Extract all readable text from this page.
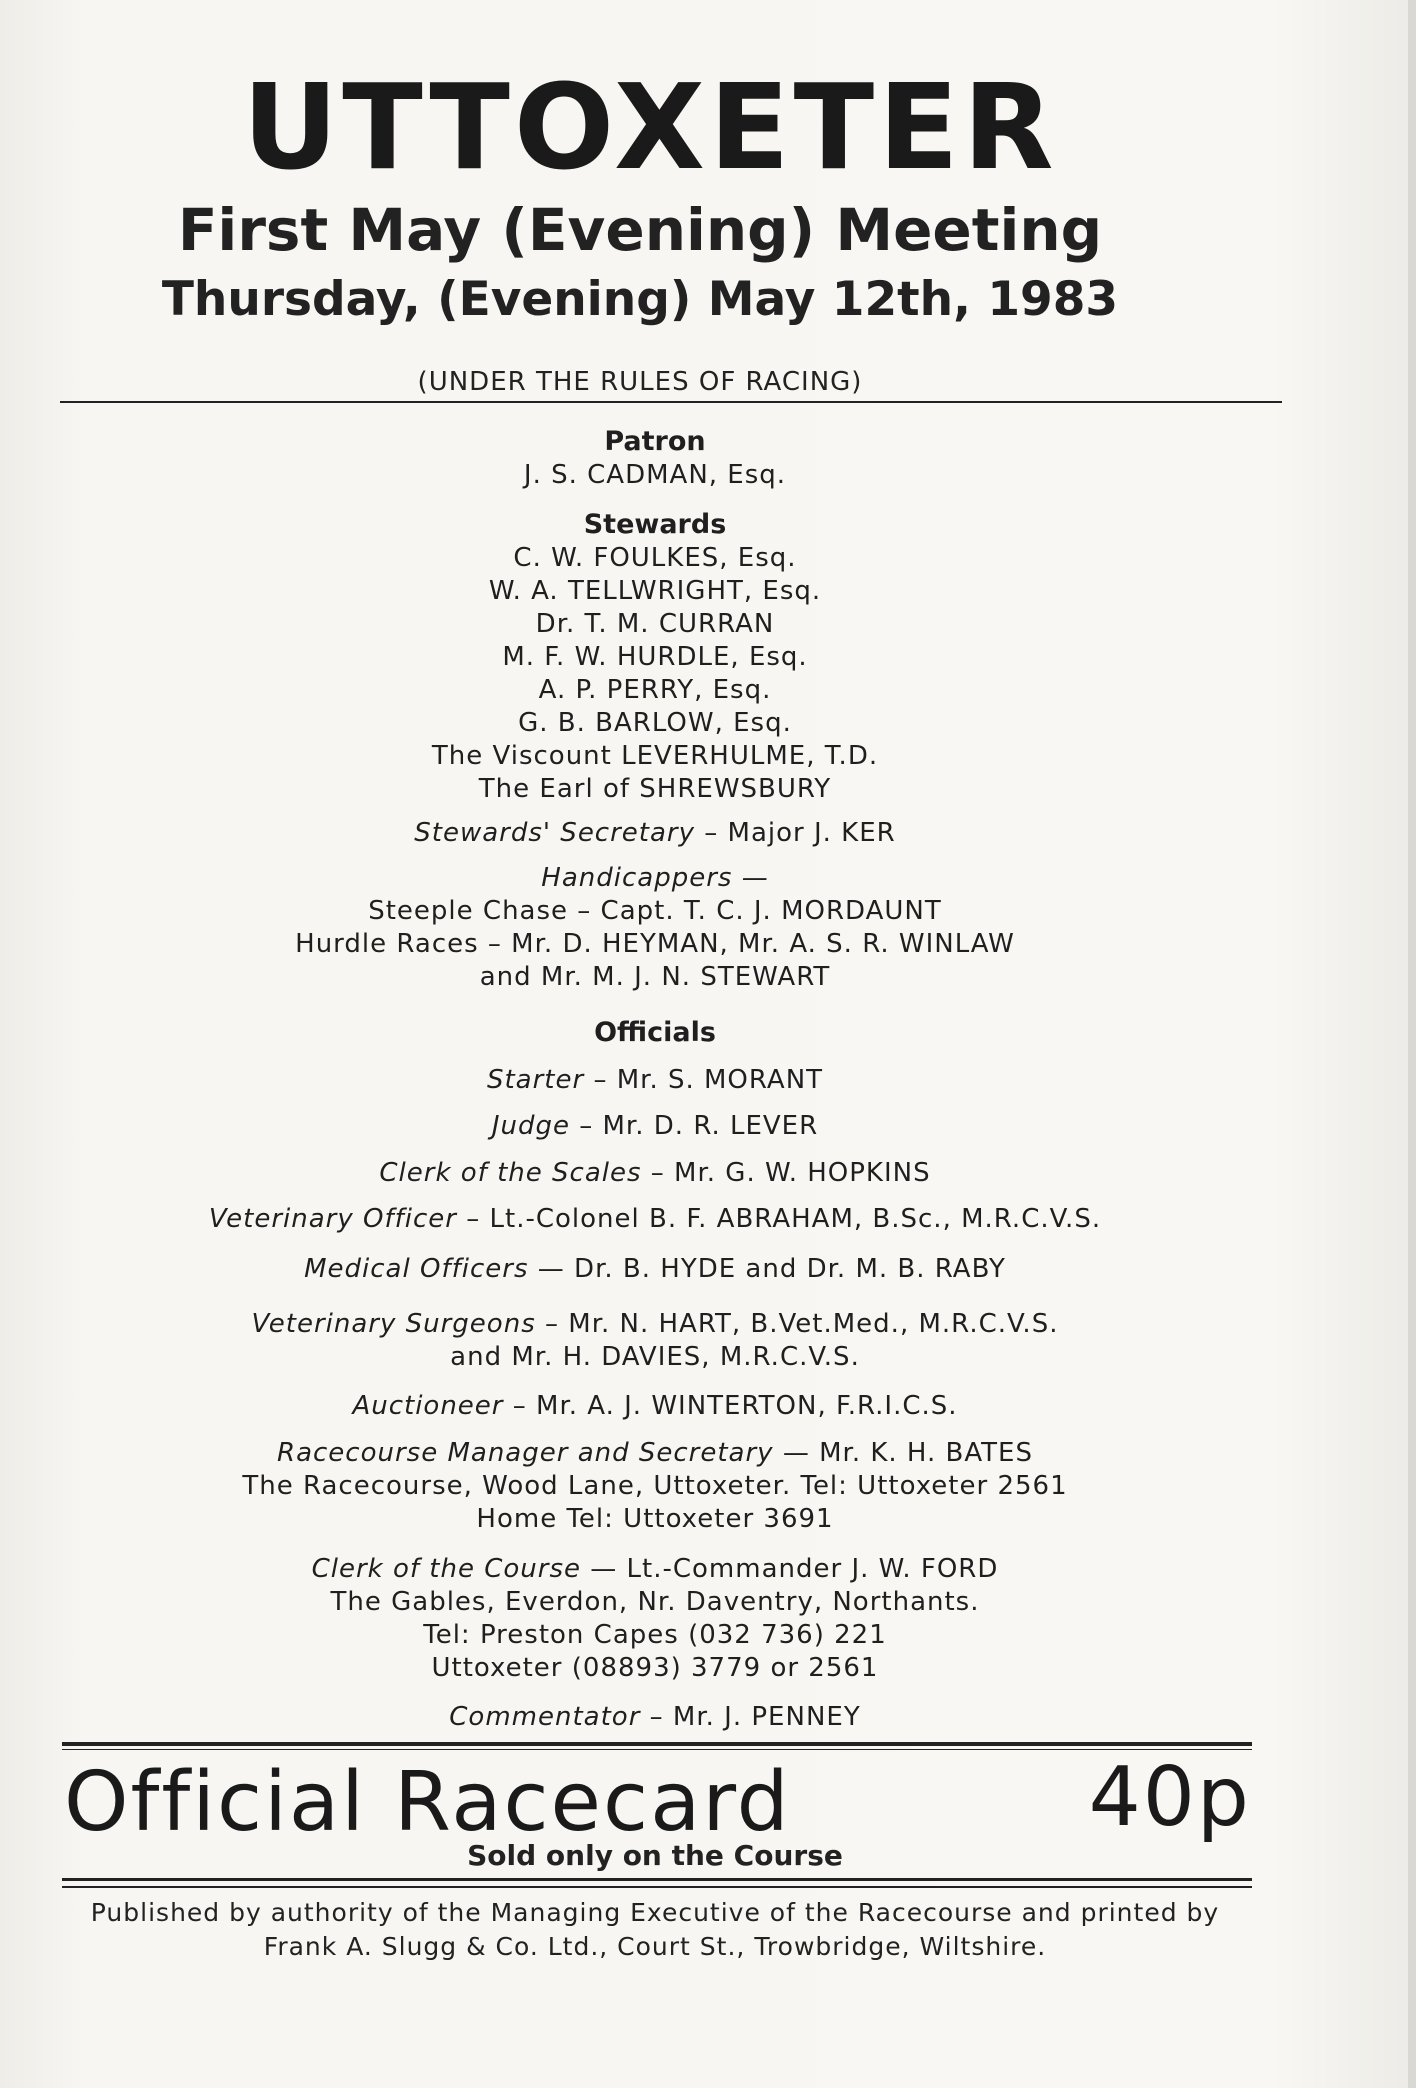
UTTOXETER
First May (Evening) Meeting
Thursday, (Evening) May 12th, 1983
(UNDER THE RULES OF RACING)
Patron
J. S. CADMAN, Esq.
Stewards
C. W. FOULKES, Esq.
W. A. TELLWRIGHT, Esq.
Dr. T. M. CURRAN
M. F. W. HURDLE, Esq.
A. P. PERRY, Esq.
G. B. BARLOW, Esq.
The Viscount LEVERHULME, T.D.
The Earl of SHREWSBURY
Stewards' Secretary – Major J. KER
Handicappers —
Steeple Chase – Capt. T. C. J. MORDAUNT
Hurdle Races – Mr. D. HEYMAN, Mr. A. S. R. WINLAW
and Mr. M. J. N. STEWART
Officials
Starter – Mr. S. MORANT
Judge – Mr. D. R. LEVER
Clerk of the Scales – Mr. G. W. HOPKINS
Veterinary Officer – Lt.-Colonel B. F. ABRAHAM, B.Sc., M.R.C.V.S.
Medical Officers — Dr. B. HYDE and Dr. M. B. RABY
Veterinary Surgeons – Mr. N. HART, B.Vet.Med., M.R.C.V.S.
and Mr. H. DAVIES, M.R.C.V.S.
Auctioneer – Mr. A. J. WINTERTON, F.R.I.C.S.
Racecourse Manager and Secretary — Mr. K. H. BATES
The Racecourse, Wood Lane, Uttoxeter. Tel: Uttoxeter 2561
Home Tel: Uttoxeter 3691
Clerk of the Course — Lt.-Commander J. W. FORD
The Gables, Everdon, Nr. Daventry, Northants.
Tel: Preston Capes (032 736) 221
Uttoxeter (08893) 3779 or 2561
Commentator – Mr. J. PENNEY
Official Racecard	40p
Sold only on the Course
Published by authority of the Managing Executive of the Racecourse and printed by
Frank A. Slugg & Co. Ltd., Court St., Trowbridge, Wiltshire.
